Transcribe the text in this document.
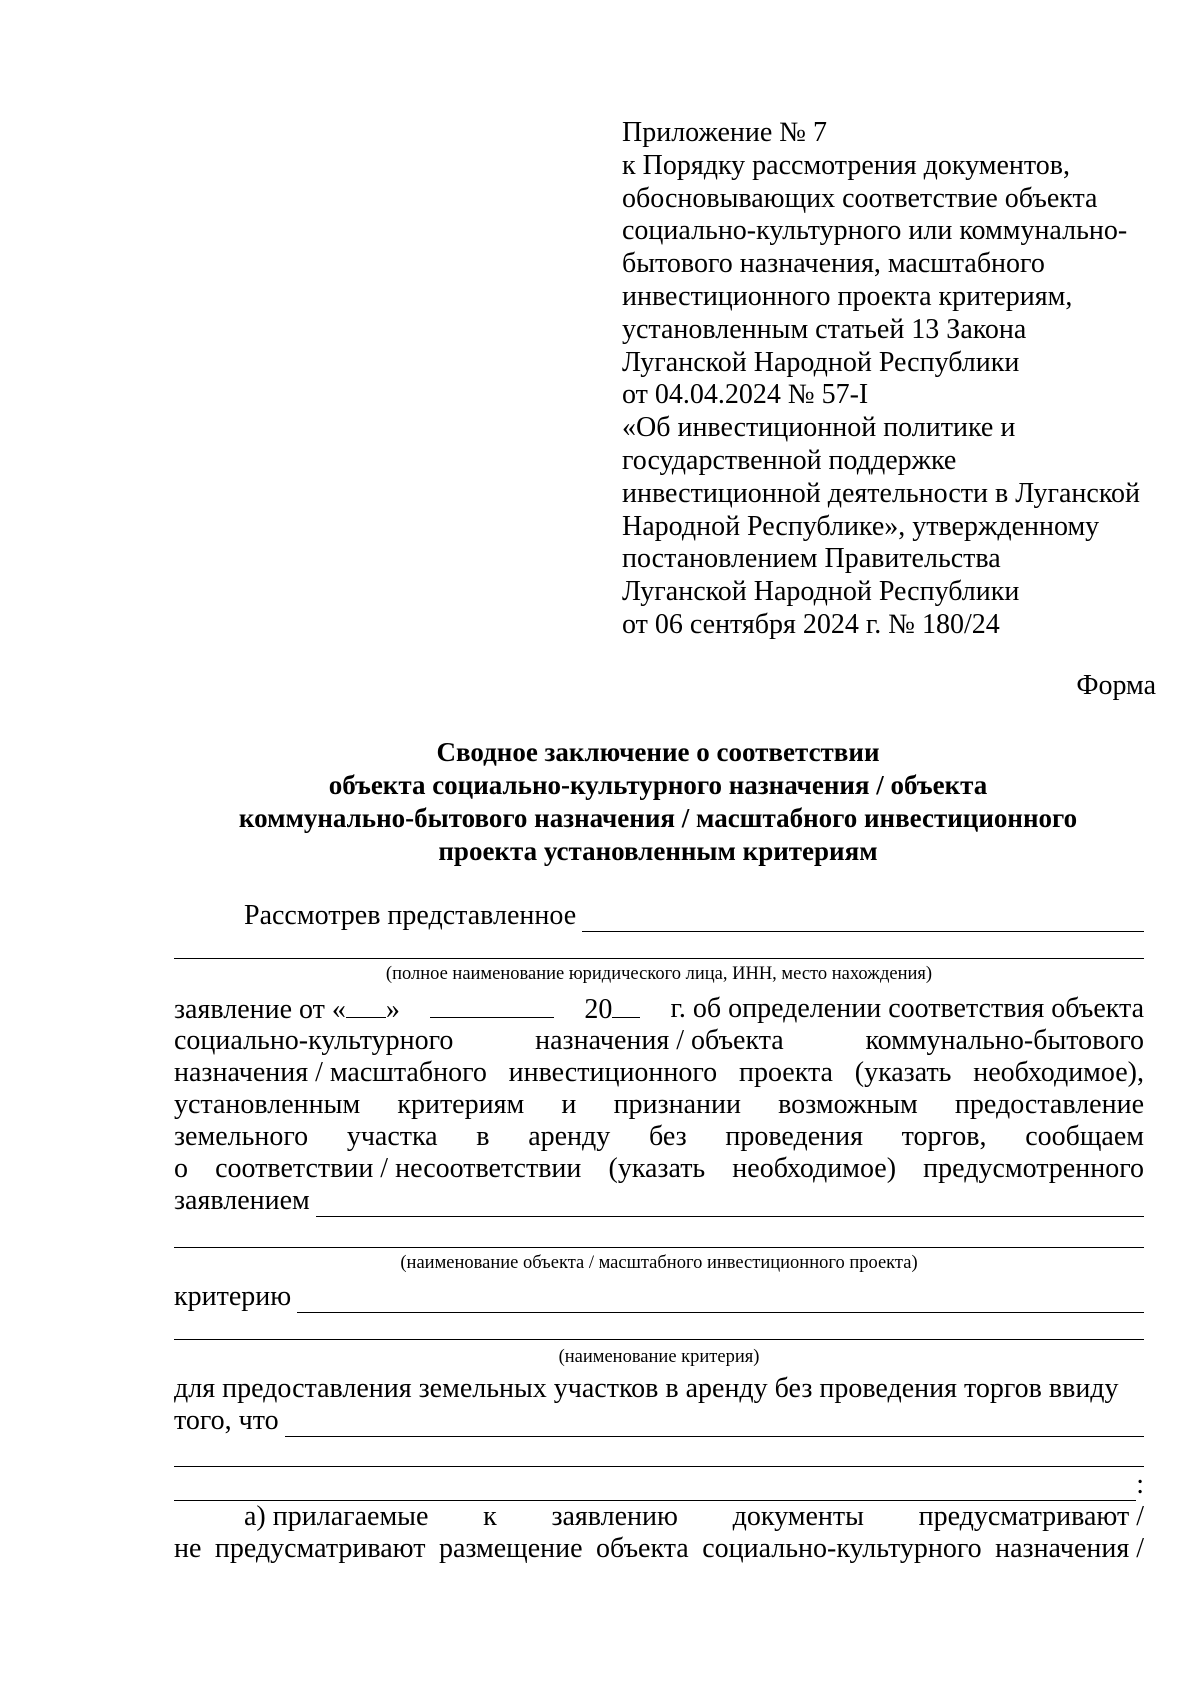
Приложение № 7
к Порядку рассмотрения документов,
обосновывающих соответствие объекта
социально-культурного или коммунально-
бытового назначения, масштабного
инвестиционного проекта критериям,
установленным статьей 13 Закона
Луганской Народной Республики
от 04.04.2024 № 57-I
«Об инвестиционной политике и
государственной поддержке
инвестиционной деятельности в Луганской
Народной Республике», утвержденному
постановлением Правительства
Луганской Народной Республики
от 06 сентября 2024 г. № 180/24
Форма
Сводное заключение о соответствии
объекта социально-культурного назначения / объекта
коммунально-бытового назначения / масштабного инвестиционного
проекта установленным критериям
Рассмотрев представленное
(полное наименование юридического лица, ИНН, место нахождения)
заявление от « »	20	г. об определении соответствия объекта
социально-культурного	назначения / объекта	коммунально-бытового
назначения / масштабного инвестиционного проекта (указать необходимое),
установленным критериям и признании возможным предоставление
земельного участка в аренду без проведения торгов, сообщаем
о соответствии / несоответствии (указать необходимое) предусмотренного
заявлением
(наименование объекта / масштабного инвестиционного проекта)
критерию
(наименование критерия)
для предоставления земельных участков в аренду без проведения торгов ввиду
того, что
:
а) прилагаемые к заявлению документы предусматривают /
не предусматривают размещение объекта социально-культурного назначения /
